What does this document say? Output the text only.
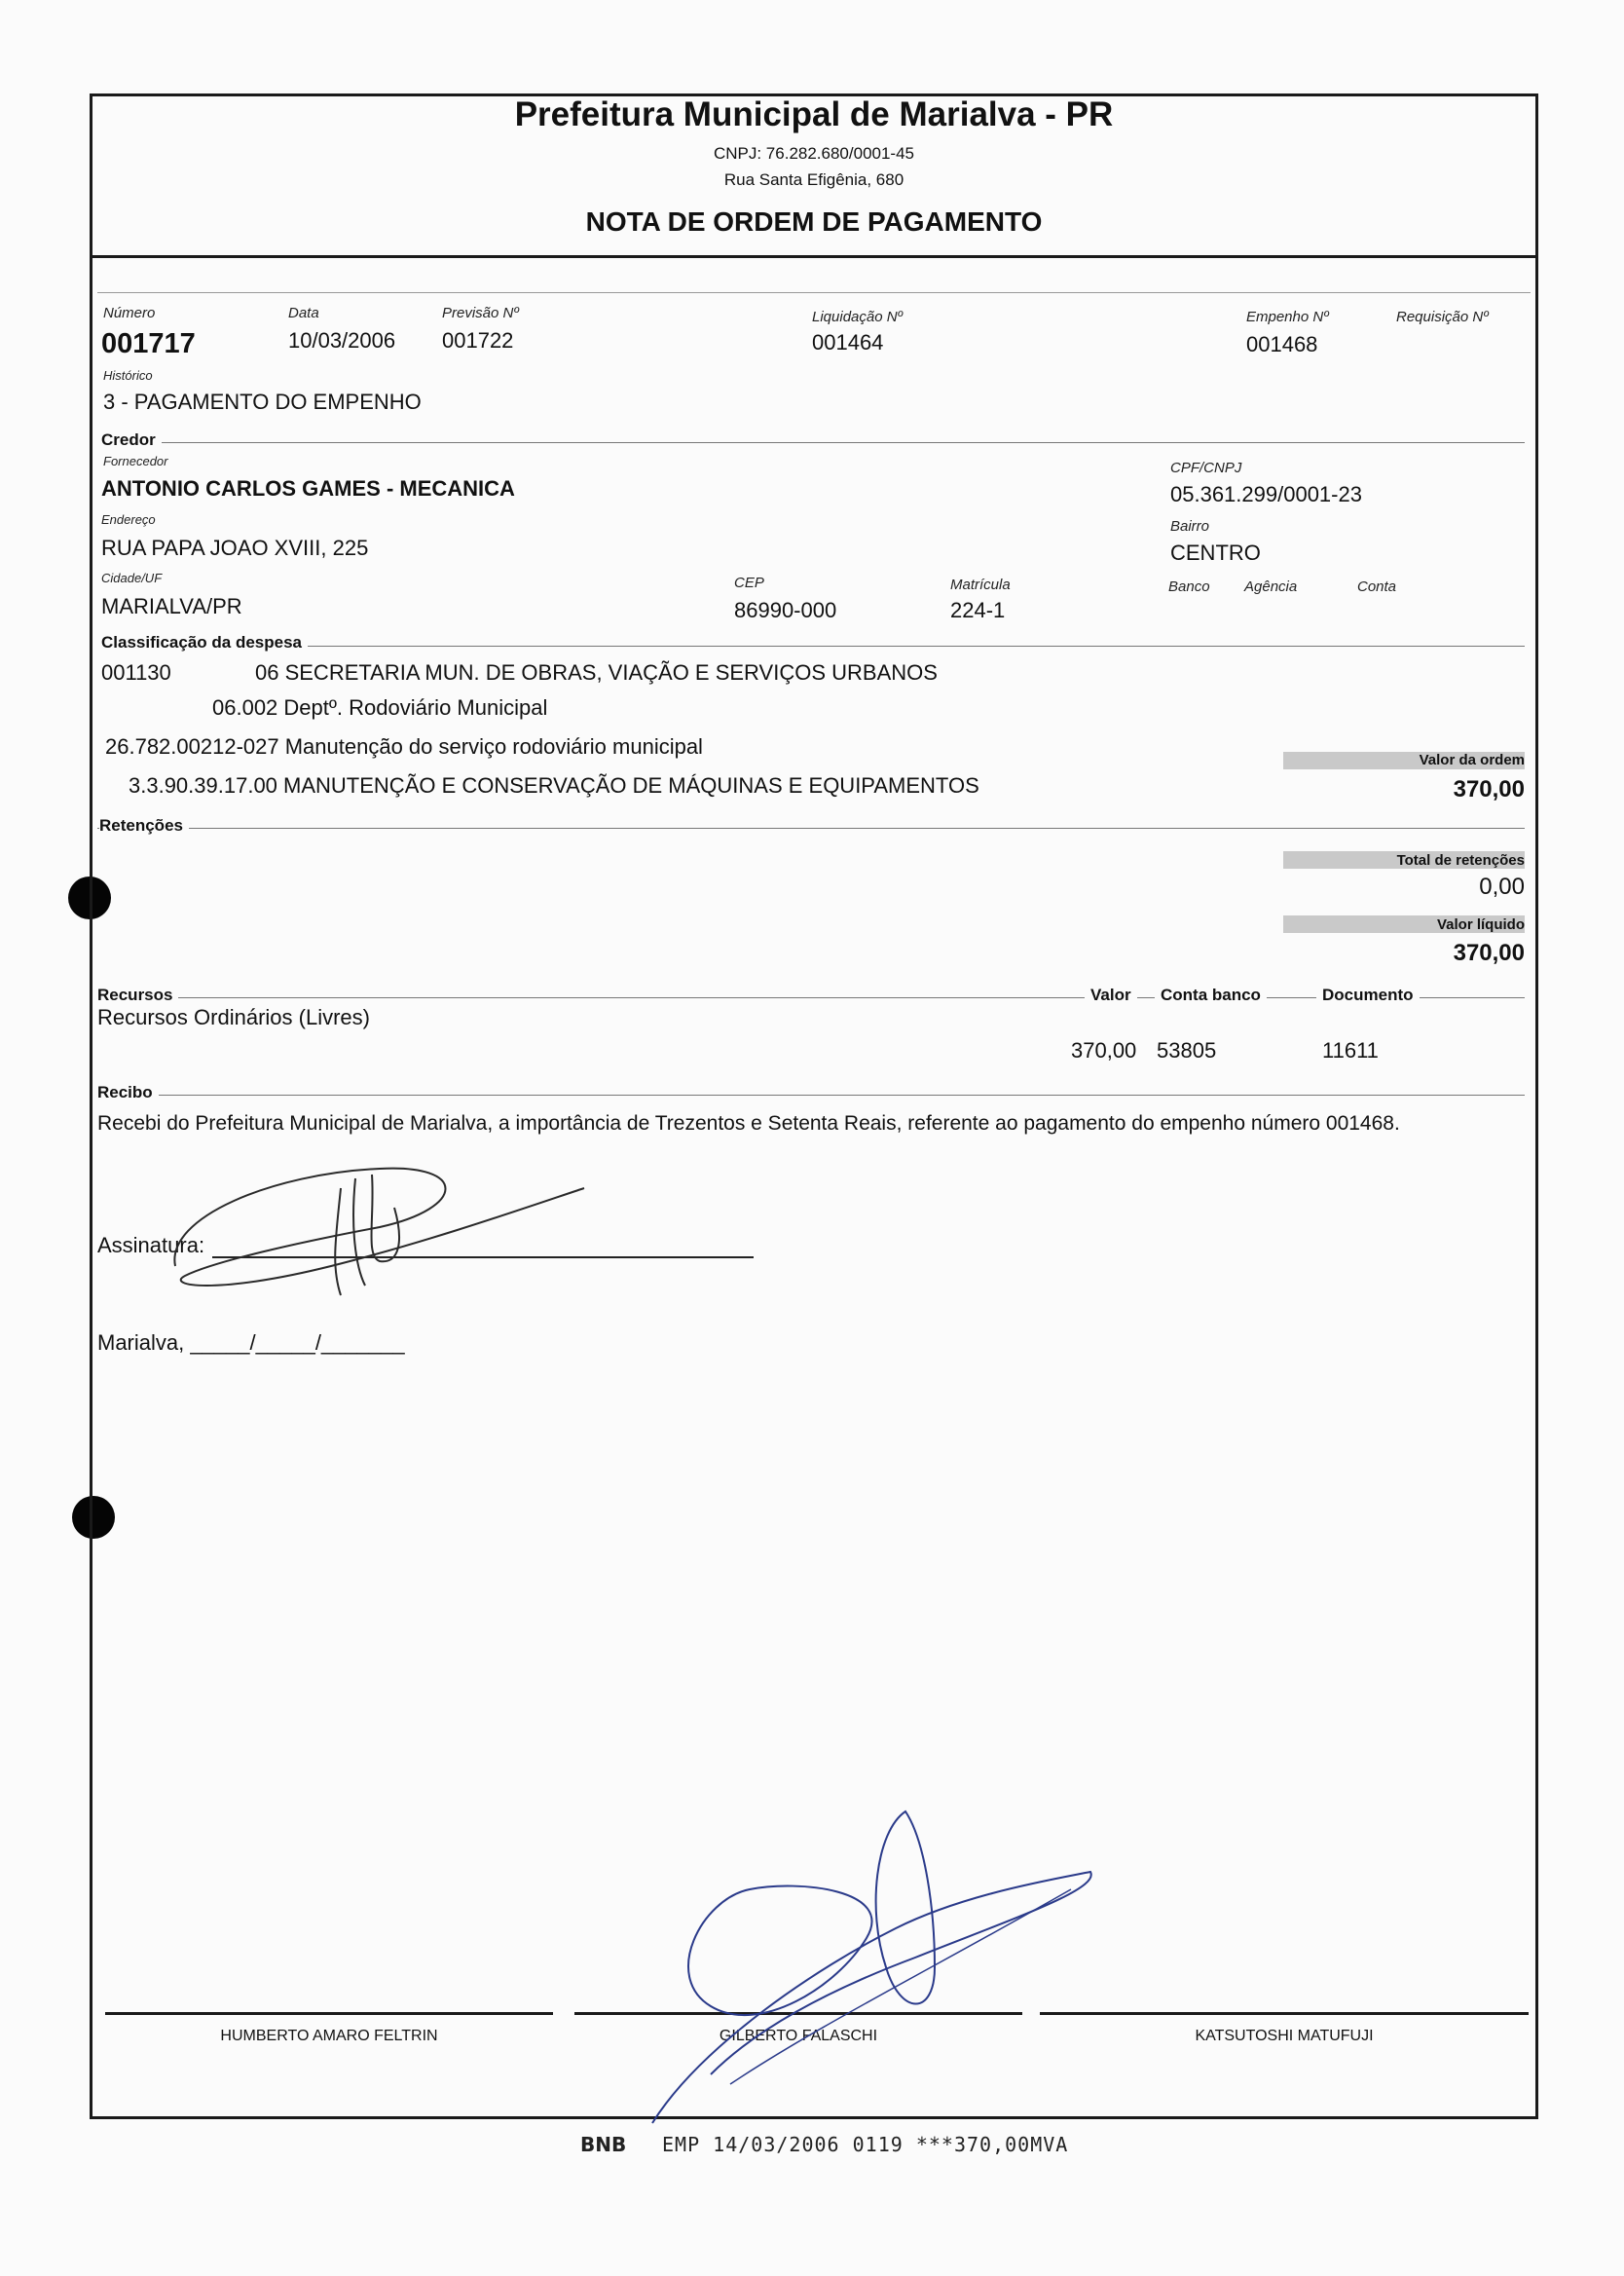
Prefeitura Municipal de Marialva - PR
CNPJ: 76.282.680/0001-45
Rua Santa Efigênia, 680
NOTA DE ORDEM DE PAGAMENTO
Número
001717
Data
10/03/2006
Previsão Nº
001722
Liquidação Nº
001464
Empenho Nº
001468
Requisição Nº
Histórico
3 - PAGAMENTO DO EMPENHO
Credor
Fornecedor
ANTONIO CARLOS GAMES - MECANICA
CPF/CNPJ
05.361.299/0001-23
Endereço
RUA PAPA JOAO XVIII, 225
Bairro
CENTRO
Cidade/UF
MARIALVA/PR
CEP
86990-000
Matrícula
224-1
Banco Agência	Conta
Classificação da despesa
001130	06 SECRETARIA MUN. DE OBRAS, VIAÇÃO E SERVIÇOS URBANOS
06.002 Deptº. Rodoviário Municipal
26.782.00212-027 Manutenção do serviço rodoviário municipal
3.3.90.39.17.00 MANUTENÇÃO E CONSERVAÇÃO DE MÁQUINAS E EQUIPAMENTOS
Valor da ordem
370,00
Retenções
Total de retenções
0,00
Valor líquido
370,00
Recursos	Valor	Conta banco	Documento
Recursos Ordinários (Livres)
370,00 53805	11611
Recibo
Recebi do Prefeitura Municipal de Marialva, a importância de Trezentos e Setenta Reais, referente ao pagamento do empenho número 001468.
Assinatura:
Marialva, _____/_____/_______
HUMBERTO AMARO FELTRIN	GILBERTO FALASCHI	KATSUTOSHI MATUFUJI
BNB EMP 14/03/2006 0119 ***370,00MVA
